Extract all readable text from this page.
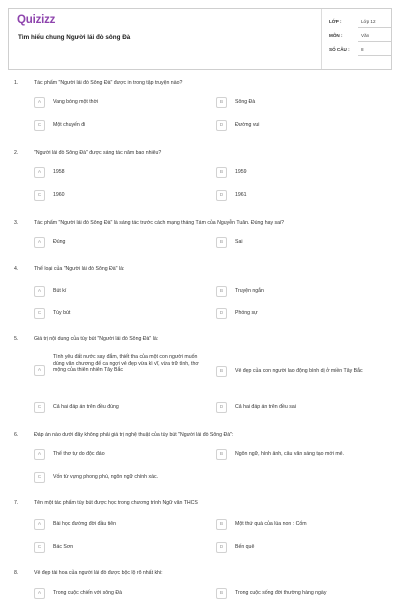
Quizizz
Tìm hiểu chung Người lái đò sông Đà
LỚP :	Lớp 12
MÔN :	Văn
SỐ CÂU : 8
1.	Tác phẩm "Người lái đò Sông Đà" được in trong tập truyện nào?
A	Vang bóng một thời	B	Sông Đà
C	Một chuyến đi	D	Đường vui
2.	"Người lái đò Sông Đà" được sáng tác năm bao nhiêu?
A	1958	B	1959
C	1960	D	1961
3.	Tác phẩm "Người lái đò Sông Đà" là sáng tác trước cách mạng tháng Tám của Nguyễn Tuân. Đúng hay sai?
A	Đúng	B	Sai
4.	Thể loại của "Người lái đò Sông Đà" là:
A	Bút kí	B	Truyện ngắn
C	Tùy bút	D	Phóng sự
5.	Giá trị nội dung của tùy bút "Người lái đò Sông Đà" là:
A
Tình yêu đất nước say đắm, thiết tha của một con người muốn dùng văn chương để ca ngợi vẻ đẹp vừa kì vĩ, vừa trữ tình, thơ mộng của thiên nhiên Tây Bắc	B	Vẻ đẹp của con người lao động bình dị ở miền Tây Bắc
C	Cả hai đáp án trên đều đúng	D	Cả hai đáp án trên đều sai
6.	Đáp án nào dưới đây không phải giá trị nghệ thuật của tùy bút "Người lái đò Sông Đà":
A	Thể thơ tự do độc đáo	B	Ngôn ngữ, hình ảnh, câu văn sáng tạo mới mẻ.
C	Vốn từ vựng phong phú, ngôn ngữ chính xác.
7.	Tên một tác phẩm tùy bút được học trong chương trình Ngữ văn THCS
A	Bài học đường đời đầu tiên	B	Một thứ quà của lúa non : Cốm
C	Bác Sơn	D	Bến quê
8.	Vẻ đẹp tài hoa của người lái đò được bộc lộ rõ nhất khi:
A	Trong cuộc chiến với sông Đà	B	Trong cuộc sống đời thường hàng ngày
